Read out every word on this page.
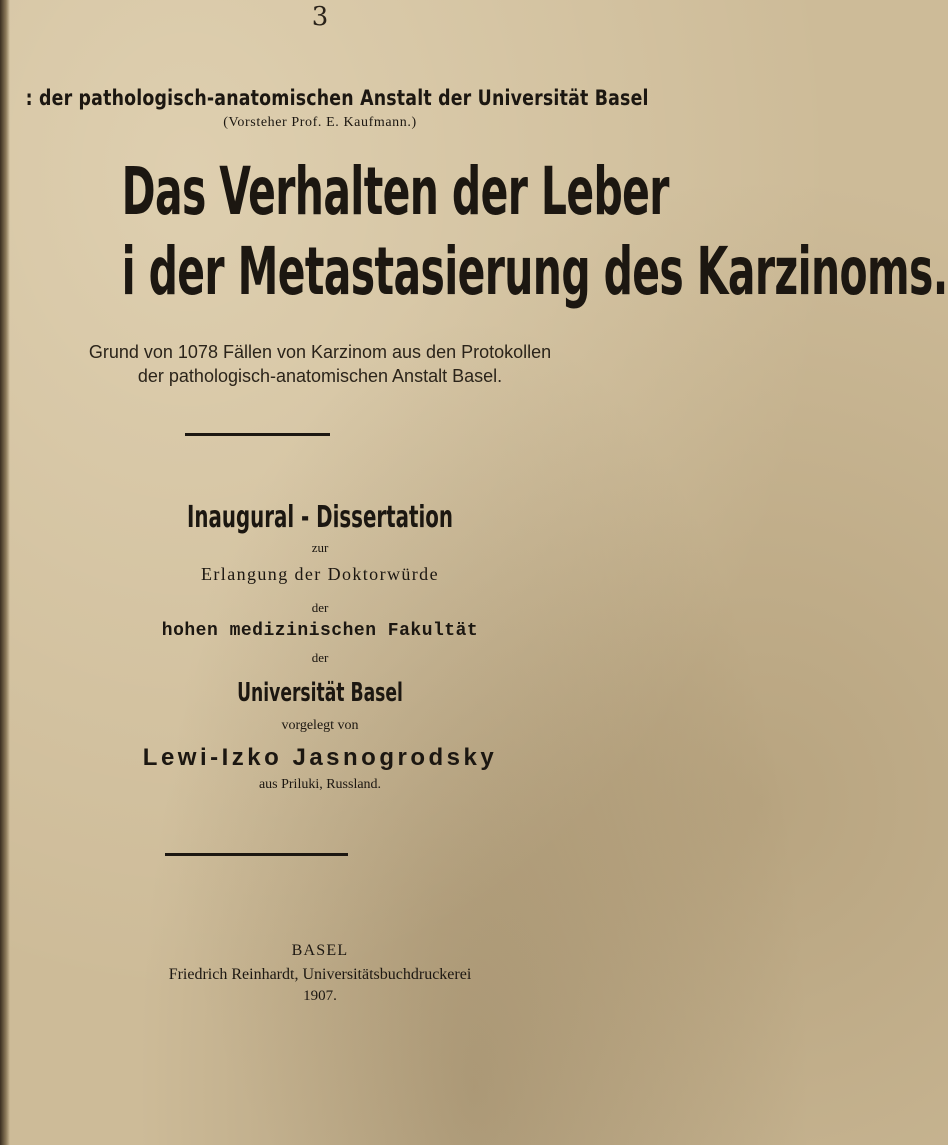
3
: der pathologisch-anatomischen Anstalt der Universität Basel
(Vorsteher Prof. E. Kaufmann.)
Das Verhalten der Leber
i der Metastasierung des Karzinoms.
Grund von 1078 Fällen von Karzinom aus den Protokollen
der pathologisch-anatomischen Anstalt Basel.
Inaugural - Dissertation
zur
Erlangung der Doktorwürde
der
hohen medizinischen Fakultät
der
Universität Basel
vorgelegt von
Lewi-Izko Jasnogrodsky
aus Priluki, Russland.
BASEL
Friedrich Reinhardt, Universitätsbuchdruckerei
1907.
